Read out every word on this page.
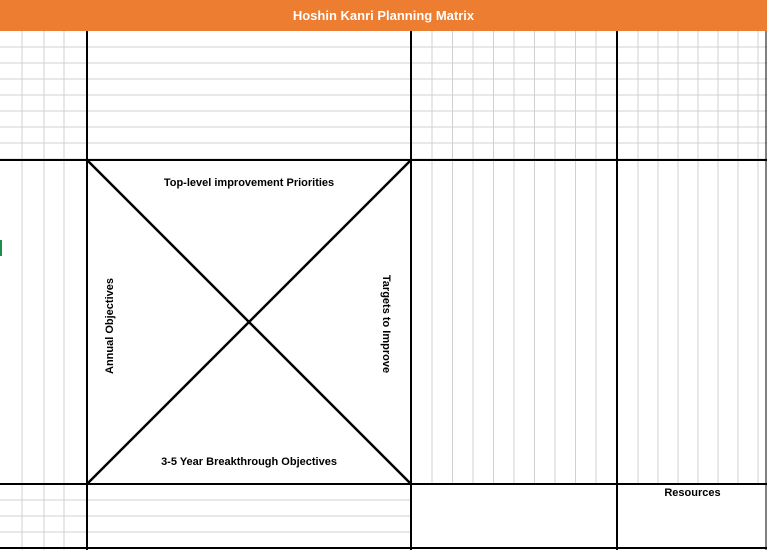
Hoshin Kanri Planning Matrix
Top-level improvement Priorities
3-5 Year Breakthrough Objectives
Annual Objectives	Targets to Improve
Resources
